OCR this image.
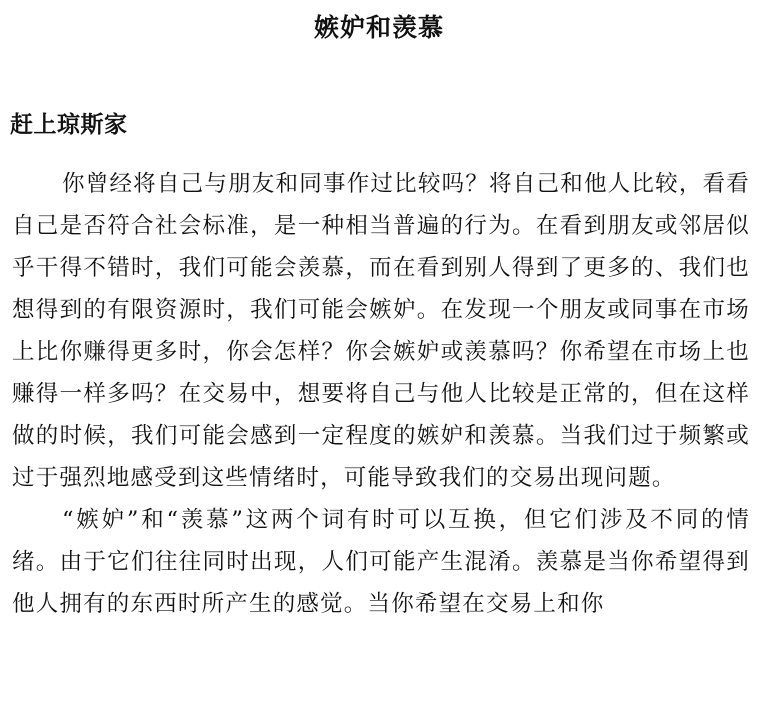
嫉妒和羡慕
赶上琼斯家

你曾经将自己与朋友和同事作过比较吗？将自己和他人比较，看看自己是否符合社会标准，是一种相当普遍的行为。在看到朋友或邻居似乎干得不错时，我们可能会羡慕，而在看到别人得到了更多的、我们也想得到的有限资源时，我们可能会嫉妒。在发现一个朋友或同事在市场上比你赚得更多时，你会怎样？你会嫉妒或羡慕吗？你希望在市场上也赚得一样多吗？在交易中，想要将自己与他人比较是正常的，但在这样做的时候，我们可能会感到一定程度的嫉妒和羡慕。当我们过于频繁或过于强烈地感受到这些情绪时，可能导致我们的交易出现问题。

“嫉妒”和“羡慕”这两个词有时可以互换，但它们涉及不同的情绪。由于它们往往同时出现，人们可能产生混淆。羡慕是当你希望得到他人拥有的东西时所产生的感觉。当你希望在交易上和你
